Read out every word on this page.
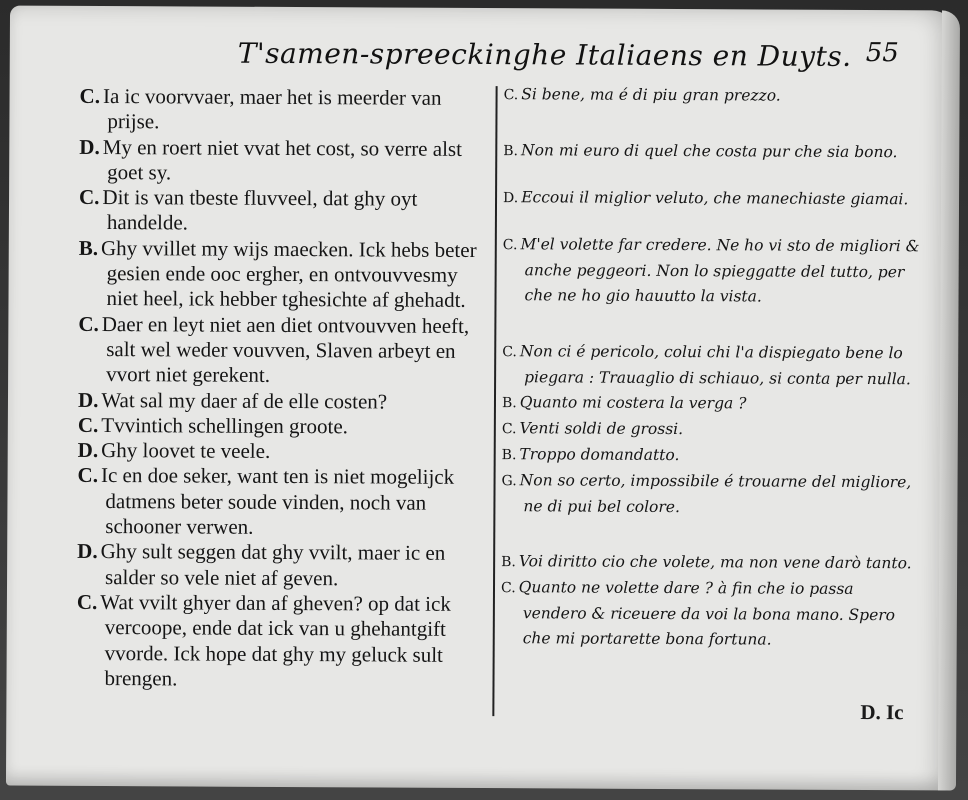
T'samen-spreeckinghe Italiaens en Duyts. 55
C. Ia ic voorvvaer, maer het is meerder van prijse.
D. My en roert niet vvat het cost, so verre alst goet sy.
C. Dit is van tbeste fluvveel, dat ghy oyt handelde.
B. Ghy vvillet my wijs maecken. Ick hebs beter gesien ende ooc ergher, en ontvouvvesmy niet heel, ick hebber tghesichte af ghehadt.
C. Daer en leyt niet aen diet ontvouvven heeft, salt wel weder vouvven, Slaven arbeyt en vvort niet gerekent.
D. Wat sal my daer af de elle costen?
C. Tvvintich schellingen groote.
D. Ghy loovet te veele.
C. Ic en doe seker, want ten is niet mogelijck datmens beter soude vinden, noch van schooner verwen.
D. Ghy sult seggen dat ghy vvilt, maer ic en salder so vele niet af geven.
C. Wat vvilt ghyer dan af gheven? op dat ick vercoope, ende dat ick van u ghehantgift vvorde. Ick hope dat ghy my geluck sult brengen.
C. Si bene, ma é di piu gran prezzo.
B. Non mi euro di quel che costa pur che sia bono.
D. Eccoui il miglior veluto, che manechiaste giamai.
C. M'el volette far credere. Ne ho vi sto de migliori & anche peggeori. Non lo spieggatte del tutto, per che ne ho gio hauutto la vista.
C. Non ci é pericolo, colui chi l'a dispiegato bene lo piegara : Trauaglio di schiauo, si conta per nulla.
B. Quanto mi costera la verga ?
C. Venti soldi de grossi.
B. Troppo domandatto.
G. Non so certo, impossibile é trouarne del migliore, ne di pui bel colore.
B. Voi diritto cio che volete, ma non vene darò tanto.
C. Quanto ne volette dare ? à fin che io passa vendero & riceuere da voi la bona mano. Spero che mi portarette bona fortuna.
D. Ic
